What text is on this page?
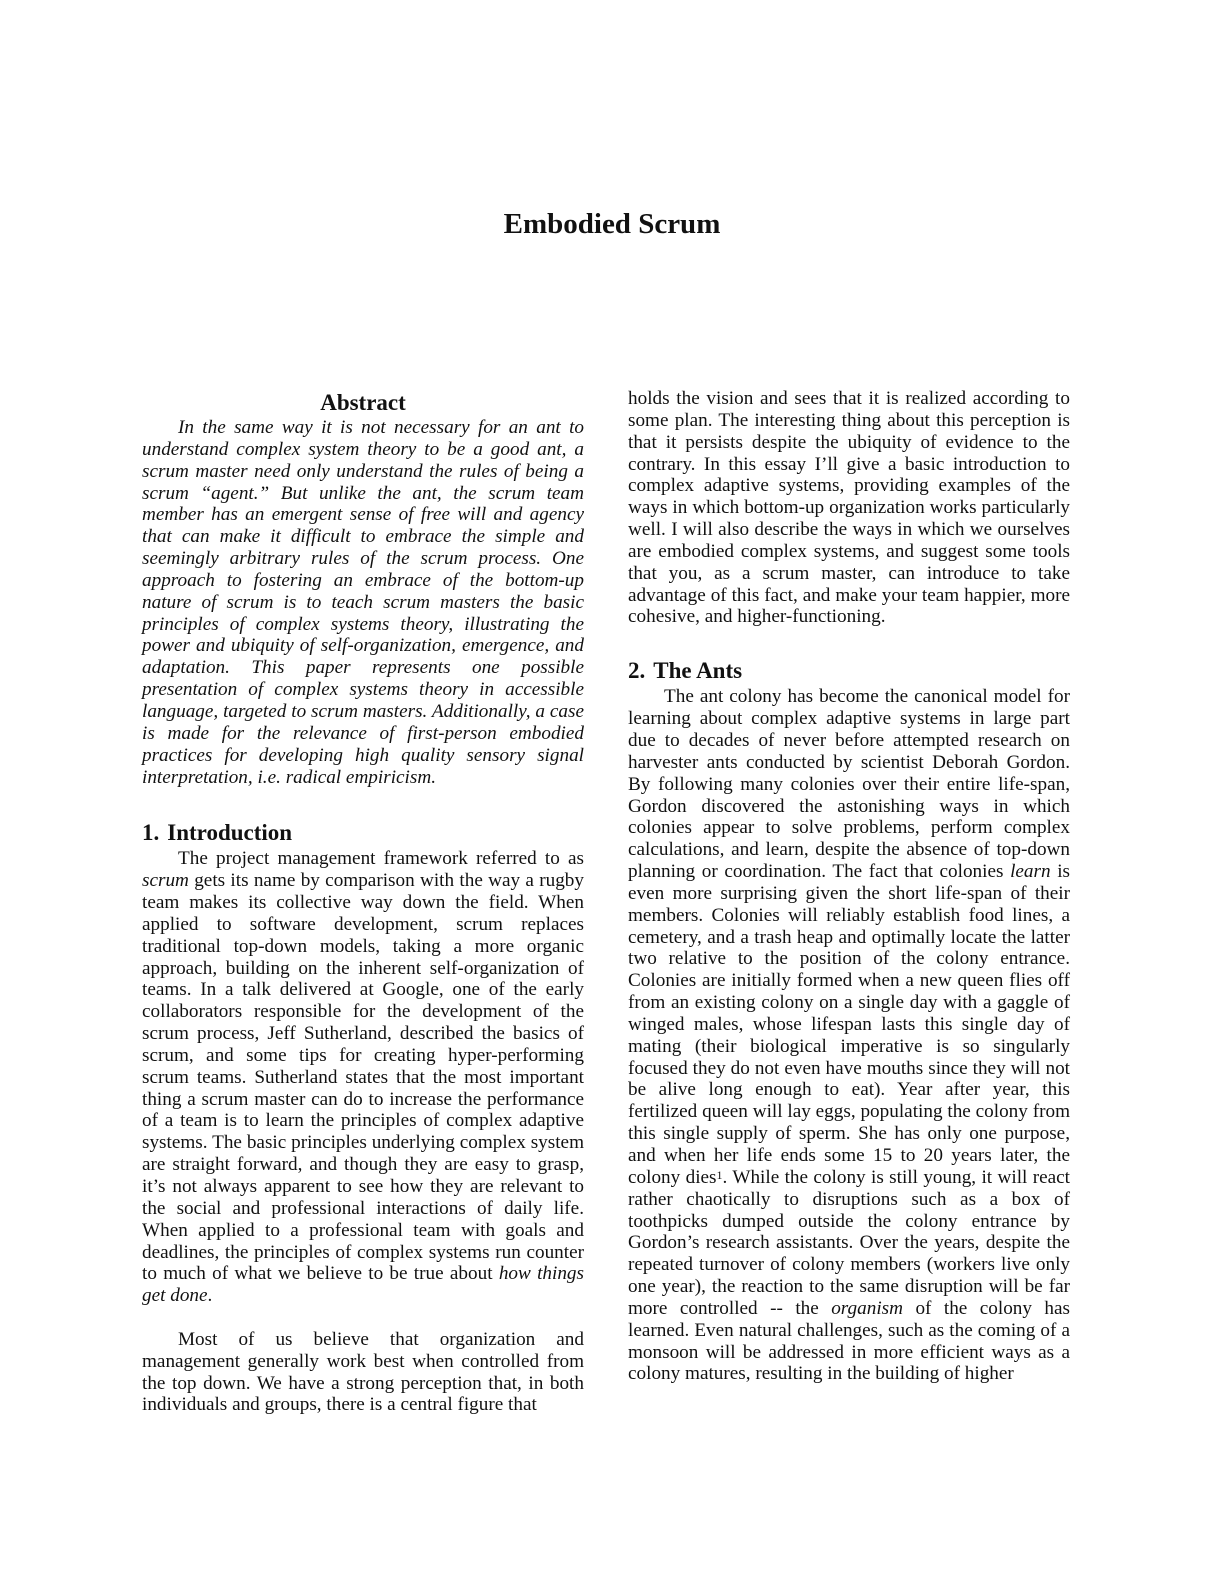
Embodied Scrum
Abstract

In the same way it is not necessary for an ant to understand complex system theory to be a good ant, a scrum master need only understand the rules of being a scrum “agent.” But unlike the ant, the scrum team member has an emergent sense of free will and agency that can make it difficult to embrace the simple and seemingly arbitrary rules of the scrum process. One approach to fostering an embrace of the bottom-up nature of scrum is to teach scrum masters the basic principles of complex systems theory, illustrating the power and ubiquity of self-organization, emergence, and adaptation. This paper represents one possible presentation of complex systems theory in accessible language, targeted to scrum masters. Additionally, a case is made for the relevance of first-person embodied practices for developing high quality sensory signal interpretation, i.e. radical empiricism.

1. Introduction

The project management framework referred to as scrum gets its name by comparison with the way a rugby team makes its collective way down the field. When applied to software development, scrum replaces traditional top-down models, taking a more organic approach, building on the inherent self-organization of teams. In a talk delivered at Google, one of the early collaborators responsible for the development of the scrum process, Jeff Sutherland, described the basics of scrum, and some tips for creating hyper-performing scrum teams. Sutherland states that the most important thing a scrum master can do to increase the performance of a team is to learn the principles of complex adaptive systems. The basic principles underlying complex system are straight forward, and though they are easy to grasp, it’s not always apparent to see how they are relevant to the social and professional interactions of daily life. When applied to a professional team with goals and deadlines, the principles of complex systems run counter to much of what we believe to be true about how things get done.

Most of us believe that organization and management generally work best when controlled from the top down. We have a strong perception that, in both individuals and groups, there is a central figure that

holds the vision and sees that it is realized according to some plan. The interesting thing about this perception is that it persists despite the ubiquity of evidence to the contrary. In this essay I’ll give a basic introduction to complex adaptive systems, providing examples of the ways in which bottom-up organization works particularly well. I will also describe the ways in which we ourselves are embodied complex systems, and suggest some tools that you, as a scrum master, can introduce to take advantage of this fact, and make your team happier, more cohesive, and higher-functioning.

2. The Ants

The ant colony has become the canonical model for learning about complex adaptive systems in large part due to decades of never before attempted research on harvester ants conducted by scientist Deborah Gordon. By following many colonies over their entire life-span, Gordon discovered the astonishing ways in which colonies appear to solve problems, perform complex calculations, and learn, despite the absence of top-down planning or coordination. The fact that colonies learn is even more surprising given the short life-span of their members. Colonies will reliably establish food lines, a cemetery, and a trash heap and optimally locate the latter two relative to the position of the colony entrance. Colonies are initially formed when a new queen flies off from an existing colony on a single day with a gaggle of winged males, whose lifespan lasts this single day of mating (their biological imperative is so singularly focused they do not even have mouths since they will not be alive long enough to eat). Year after year, this fertilized queen will lay eggs, populating the colony from this single supply of sperm. She has only one purpose, and when her life ends some 15 to 20 years later, the colony dies$^1$. While the colony is still young, it will react rather chaotically to disruptions such as a box of toothpicks dumped outside the colony entrance by Gordon’s research assistants. Over the years, despite the repeated turnover of colony members (workers live only one year), the reaction to the same disruption will be far more controlled -- the organism of the colony has learned. Even natural challenges, such as the coming of a monsoon will be addressed in more efficient ways as a colony matures, resulting in the building of higher
